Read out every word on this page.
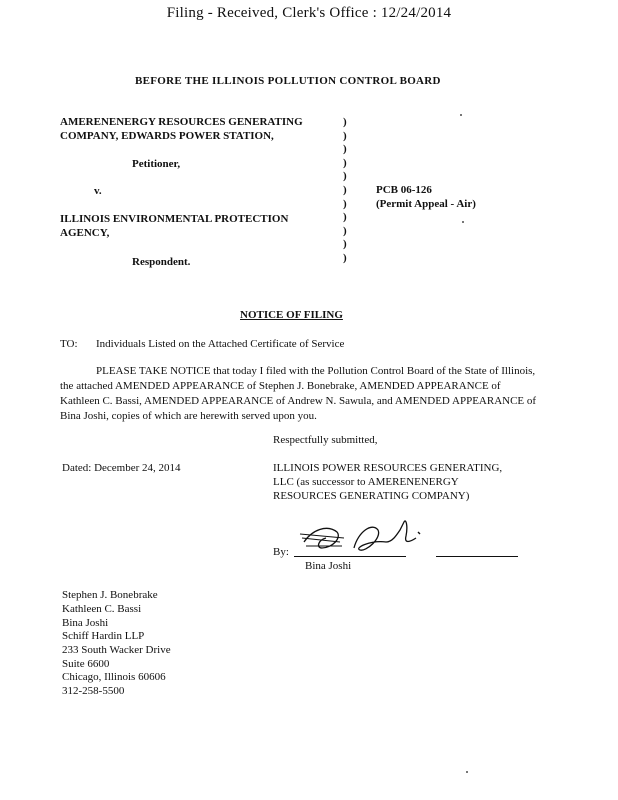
Filing - Received, Clerk's Office : 12/24/2014
BEFORE THE ILLINOIS POLLUTION CONTROL BOARD
AMERENENERGY RESOURCES GENERATING
COMPANY, EDWARDS POWER STATION,
Petitioner,
v.
ILLINOIS ENVIRONMENTAL PROTECTION
AGENCY,
Respondent.
)
)
)
)
)
)
)
)
)
)
)
PCB 06-126
(Permit Appeal - Air)
NOTICE OF FILING
TO: Individuals Listed on the Attached Certificate of Service
PLEASE TAKE NOTICE that today I filed with the Pollution Control Board of the State of Illinois, the attached AMENDED APPEARANCE of Stephen J. Bonebrake, AMENDED APPEARANCE of Kathleen C. Bassi, AMENDED APPEARANCE of Andrew N. Sawula, and AMENDED APPEARANCE of Bina Joshi, copies of which are herewith served upon you.
Respectfully submitted,
Dated: December 24, 2014	ILLINOIS POWER RESOURCES GENERATING,
LLC (as successor to AMERENENERGY
RESOURCES GENERATING COMPANY)
By:
Bina Joshi
Stephen J. Bonebrake
Kathleen C. Bassi
Bina Joshi
Schiff Hardin LLP
233 South Wacker Drive
Suite 6600
Chicago, Illinois 60606
312-258-5500
